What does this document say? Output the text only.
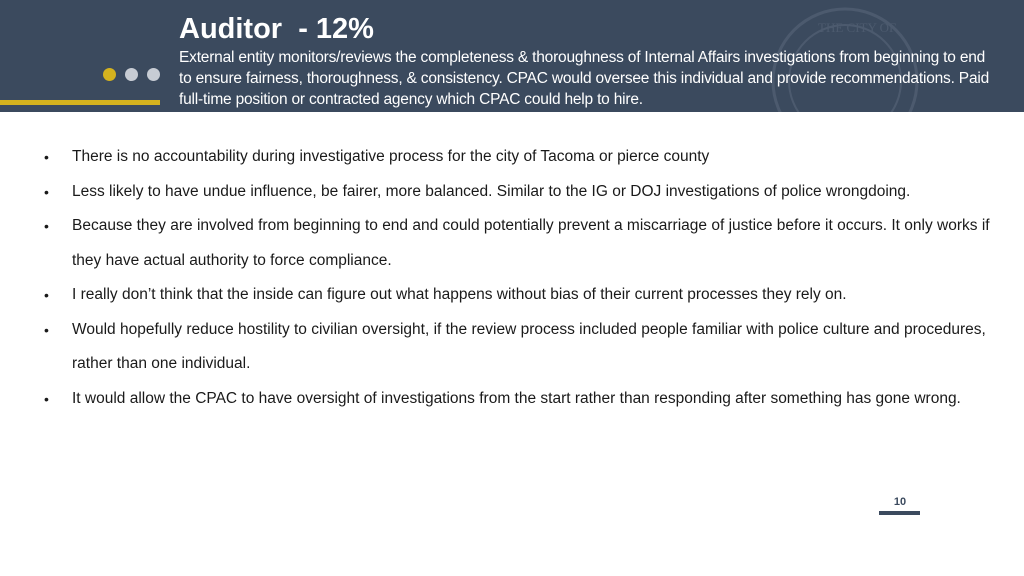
THE CITY OF
Auditor  - 12%

External entity monitors/reviews the completeness & thoroughness of Internal Affairs investigations from beginning to end to ensure fairness, thoroughness, & consistency. CPAC would oversee this individual and provide recommendations. Paid full-time position or contracted agency which CPAC could help to hire.

• There is no accountability during investigative process for the city of Tacoma or pierce county
• Less likely to have undue influence, be fairer, more balanced. Similar to the IG or DOJ investigations of police wrongdoing.
• Because they are involved from beginning to end and could potentially prevent a miscarriage of justice before it occurs. It only works if they have actual authority to force compliance.
• I really don’t think that the inside can figure out what happens without bias of their current processes they rely on.
• Would hopefully reduce hostility to civilian oversight, if the review process included people familiar with police culture and procedures, rather than one individual.
• It would allow the CPAC to have oversight of investigations from the start rather than responding after something has gone wrong.
10
